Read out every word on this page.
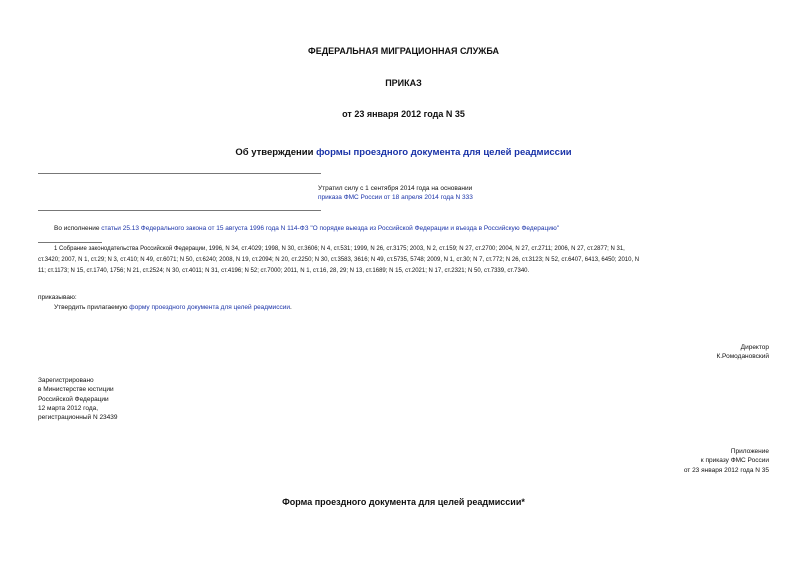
ФЕДЕРАЛЬНАЯ МИГРАЦИОННАЯ СЛУЖБА
ПРИКАЗ
от 23 января 2012 года N 35
Об утверждении формы проездного документа для целей реадмиссии
Утратил силу с 1 сентября 2014 года на основании
приказа ФМС России от 18 апреля 2014 года N 333
Во исполнение статьи 25.13 Федерального закона от 15 августа 1996 года N 114-ФЗ "О порядке выезда из Российской Федерации и въезда в Российскую Федерацию"
1 Собрание законодательства Российской Федерации, 1996, N 34, ст.4029; 1998, N 30, ст.3606; N 4, ст.531; 1999, N 26, ст.3175; 2003, N 2, ст.159; N 27, ст.2700; 2004, N 27, ст.2711; 2006, N 27, ст.2877; N 31,
ст.3420; 2007, N 1, ст.29; N 3, ст.410; N 49, ст.6071; N 50, ст.6240; 2008, N 19, ст.2094; N 20, ст.2250; N 30, ст.3583, 3616; N 49, ст.5735, 5748; 2009, N 1, ст.30; N 7, ст.772; N 26, ст.3123; N 52, ст.6407, 6413, 6450; 2010, N
11; ст.1173; N 15, ст.1740, 1756; N 21, ст.2524; N 30, ст.4011; N 31, ст.4196; N 52; ст.7000; 2011, N 1, ст.16, 28, 29; N 13, ст.1689; N 15, ст.2021; N 17, ст.2321; N 50, ст.7339, ст.7340.
приказываю:
Утвердить прилагаемую форму проездного документа для целей реадмиссии.
Директор
К.Ромодановский
Зарегистрировано
в Министерстве юстиции
Российской Федерации
12 марта 2012 года,
регистрационный N 23439
Приложение
к приказу ФМС России
от 23 января 2012 года N 35
Форма проездного документа для целей реадмиссии*
